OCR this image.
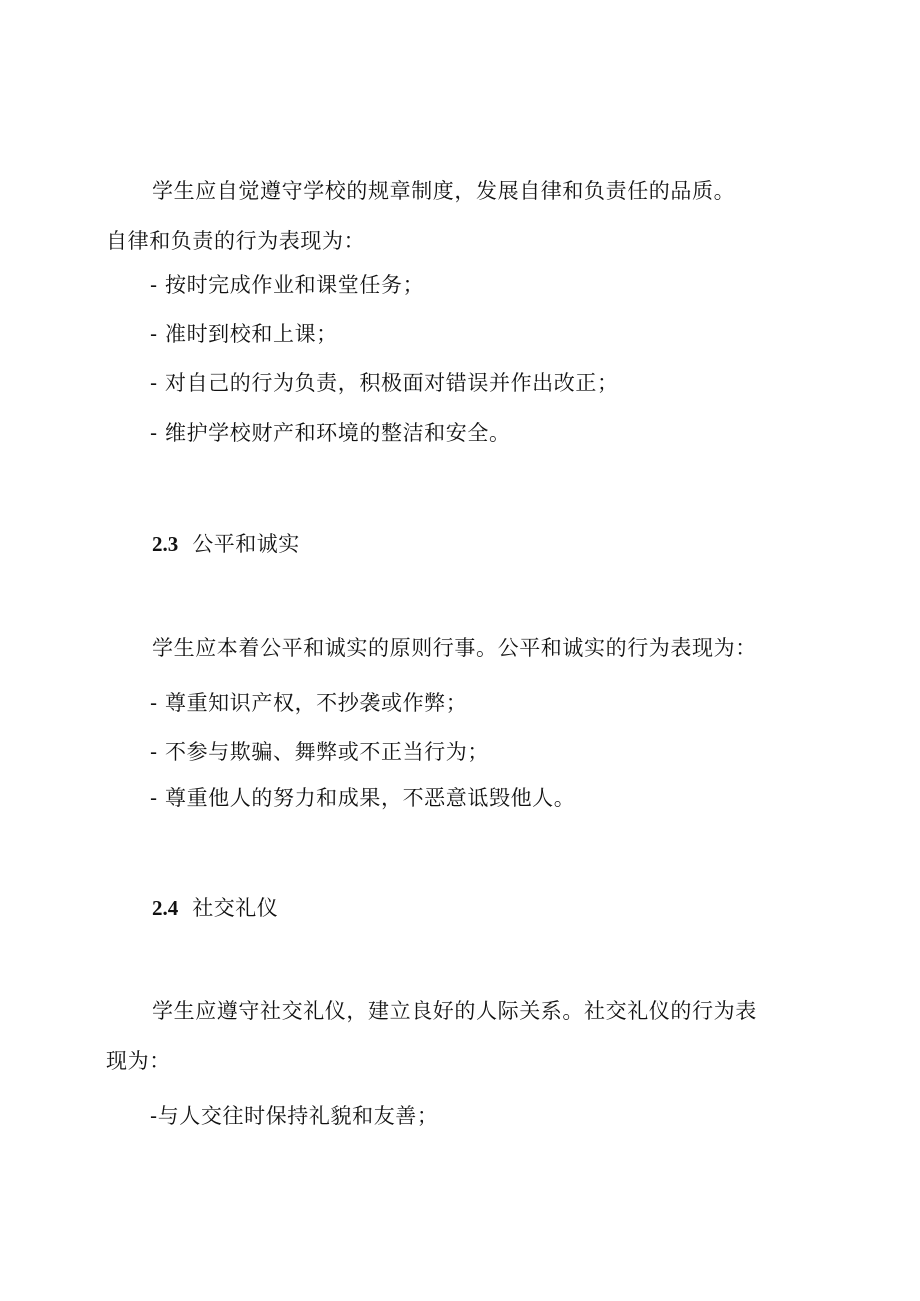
学生应自觉遵守学校的规章制度，发展自律和负责任的品质。
自律和负责的行为表现为：
- 按时完成作业和课堂任务；
- 准时到校和上课；
- 对自己的行为负责，积极面对错误并作出改正；
- 维护学校财产和环境的整洁和安全。
2.3 公平和诚实
学生应本着公平和诚实的原则行事。公平和诚实的行为表现为：
- 尊重知识产权，不抄袭或作弊；
- 不参与欺骗、舞弊或不正当行为；
- 尊重他人的努力和成果，不恶意诋毁他人。
2.4 社交礼仪
学生应遵守社交礼仪，建立良好的人际关系。社交礼仪的行为表
现为：
-与人交往时保持礼貌和友善；
